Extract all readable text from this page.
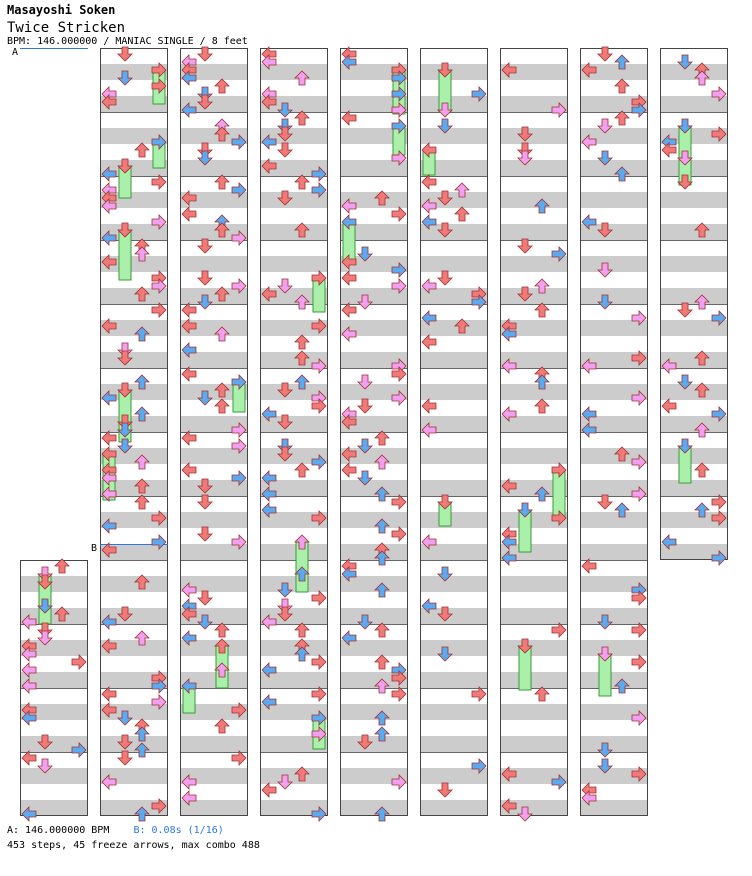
Masayoshi Soken
Twice Stricken
BPM: 146.000000 / MANIAC SINGLE / 8 feet
A
B
A: 146.000000 BPM B: 0.08s (1/16)
453 steps, 45 freeze arrows, max combo 488
